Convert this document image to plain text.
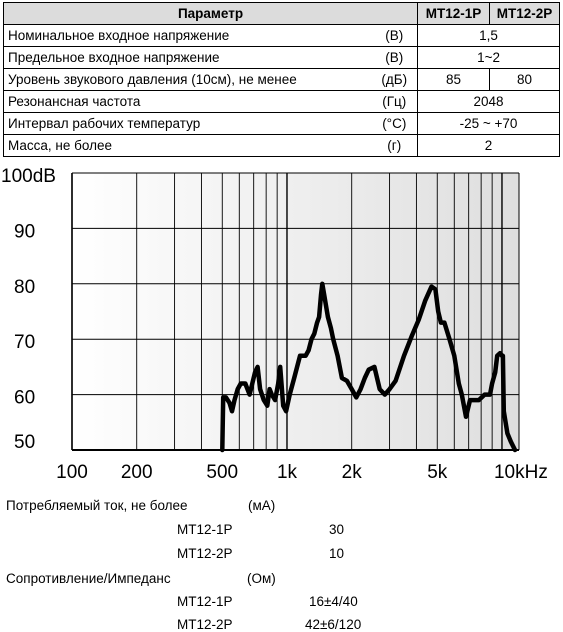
Параметр		MT12-1P	MT12-2P
Номинальное входное напряжение	(В)	1,5	
Предельное входное напряжение	(В)	1~2	
Уровень звукового давления (10см), не менее	(дБ)	85	80
Резонансная частота	(Гц)	2048	
Интервал рабочих температур	(°C)	-25 ~ +70	
Масса, не более	(г)	2	
100dB
90
80
70
60
50
100 200	500 1k 2k	5k 10kHz
Потребляемый ток, не более	(мА)
MT12-1P	30
MT12-2P	10
Сопротивление/Импеданс	(Ом)
MT12-1P	16±4/40
MT12-2P	42±6/120
